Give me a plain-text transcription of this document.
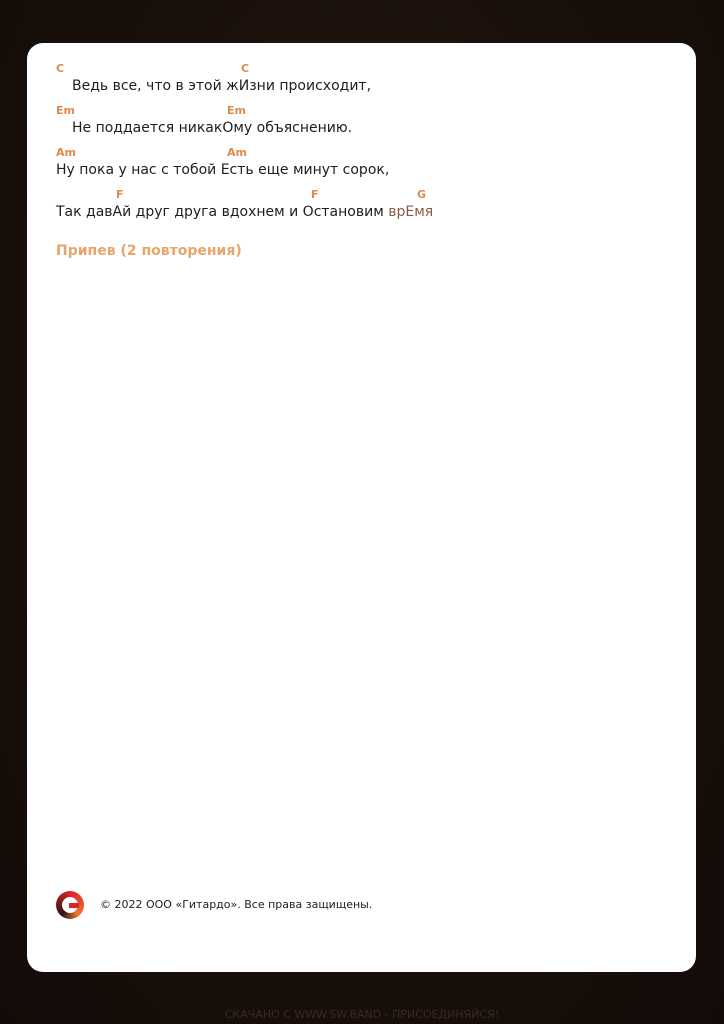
C	C
Ведь все, что в этой жИзни происходит,
Em	Em
Не поддается никакОму объяснению.
Am	Am
Ну пока у нас с тобой Есть еще минут сорок,
F	F	G
Так давАй друг друга вдохнем и Остановим врЕмя
Припев (2 повторения)
© 2022 ООО «Гитардо». Все права защищены.
СКАЧАНО С WWW.SW.BAND - ПРИСОЕДИНЯЙСЯ!
